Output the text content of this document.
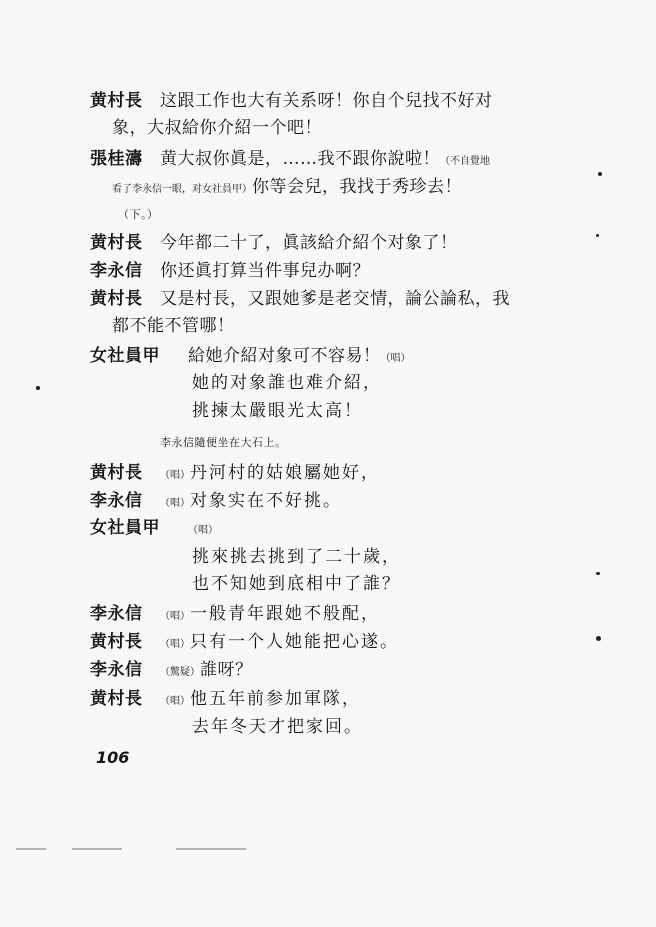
黄村長 这跟工作也大有关系呀！你自个兒找不好对
象，大叔給你介紹一个吧！
張桂濤 黄大叔你眞是，……我不跟你說啦！（不自覺地
看了李永信一眼，对女社員甲）你等会兒，我找于秀珍去！
（下。）
黄村長 今年都二十了，眞該給介紹个对象了！
李永信 你还眞打算当件事兒办啊？
黄村長 又是村長，又跟她爹是老交情，論公論私，我
都不能不管哪！
女社員甲 給她介紹对象可不容易！（唱）
她的对象誰也难介紹，
挑揀太嚴眼光太高！
李永信隨便坐在大石上。
黄村長 （唱）丹河村的姑娘屬她好，
李永信 （唱）对象实在不好挑。
女社員甲	（唱）
挑來挑去挑到了二十歲，
也不知她到底相中了誰？
李永信 （唱）一般青年跟她不般配，
黄村長 （唱）只有一个人她能把心遂。
李永信 （驚疑）誰呀？
黄村長 （唱）他五年前参加軍隊，
去年冬天才把家回。
106
